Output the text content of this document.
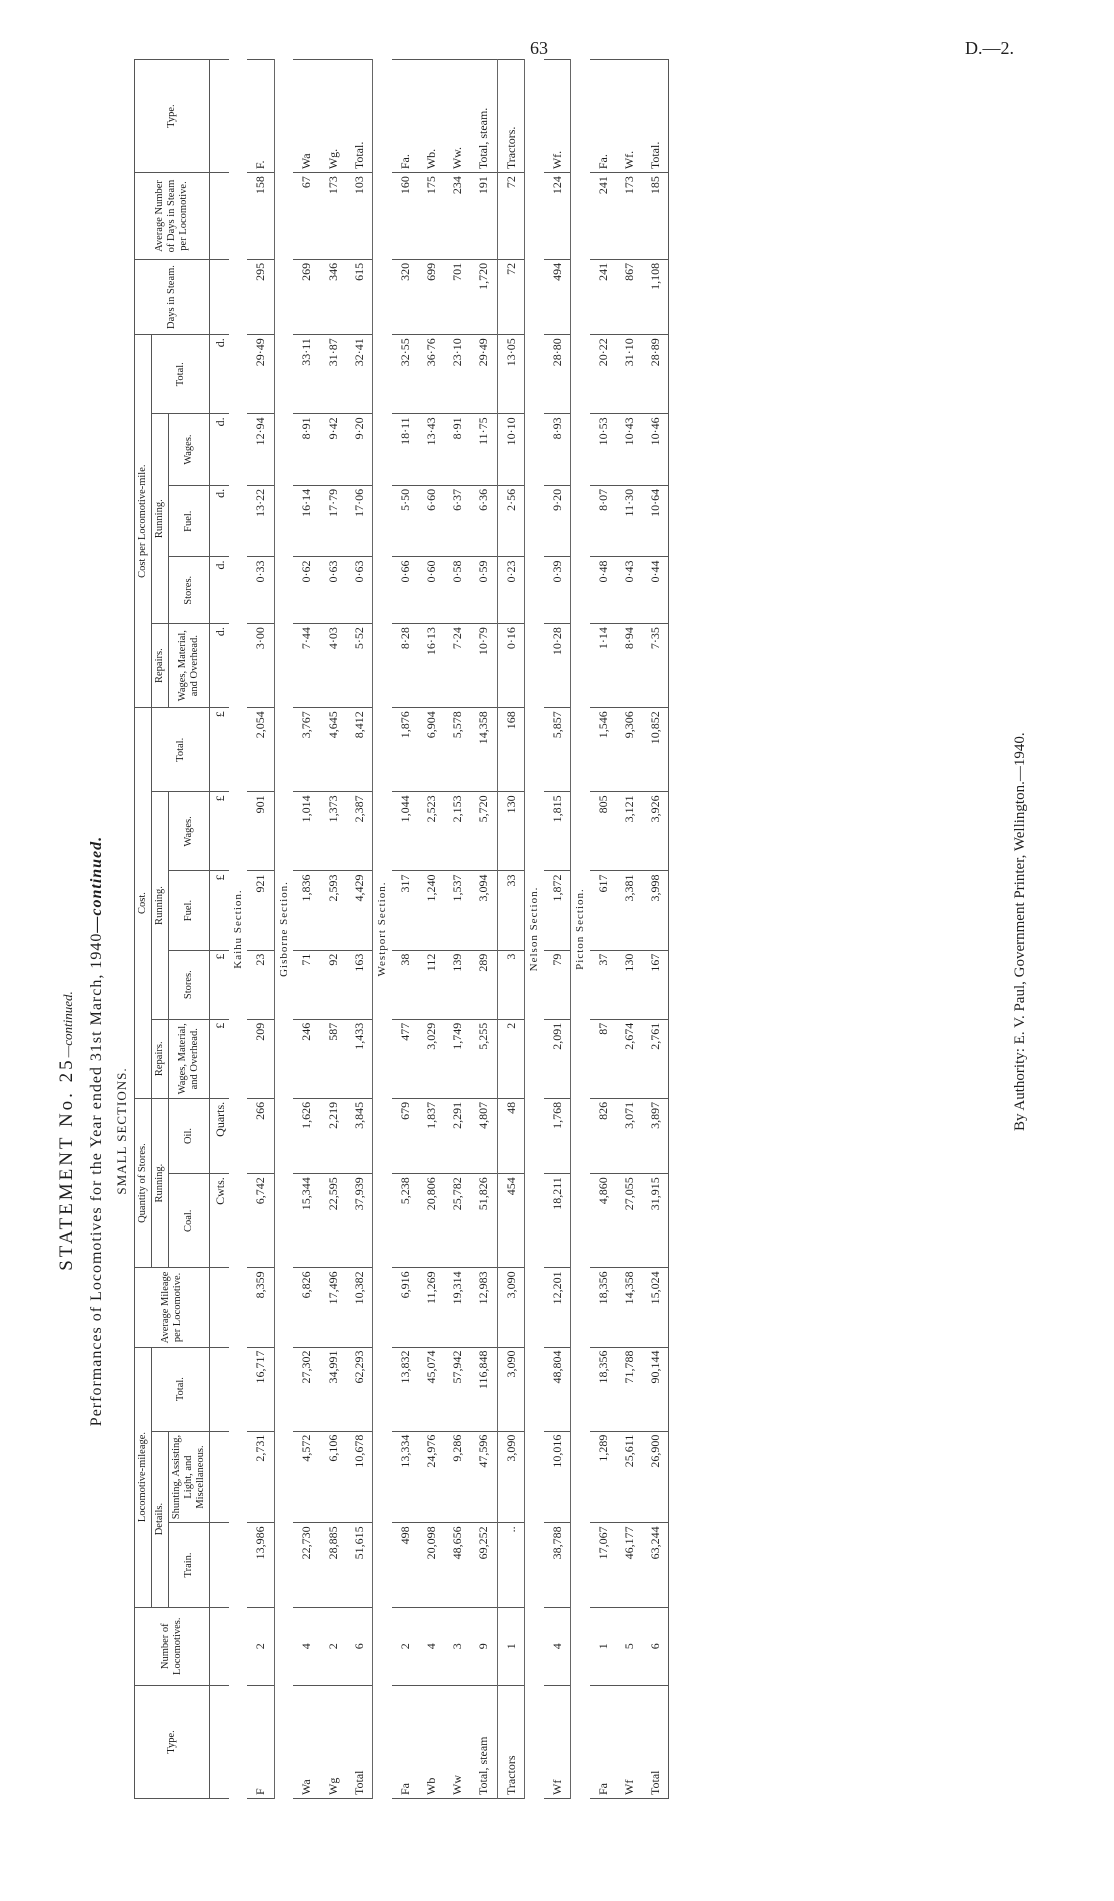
63	D.—2.
STATEMENT No. 25—continued. Performances of Locomotives for the Year ended 31st March, 1940—continued.
SMALL SECTIONS.
Type.	Number of Locomotives.	Locomotive-mileage.			Average Mileage per Locomotive.	Quantity of Stores.		Cost.					Cost per Locomotive-mile.					Days in Steam.	Average Number of Days in Steam per Locomotive.	Type.
		Details.		Total.		Running.		Repairs.	Running.			Total.	Repairs.	Running.			Total.			
		Train.	Shunting, Assisting, Light, and Miscellaneous.			Coal.	Oil.	Wages, Material, and Overhead.	Stores.	Fuel.	Wages.		Wages, Material, and Overhead.	Stores.	Fuel.	Wages.				

						Cwts.	Quarts.	£	£	£	£	£	d.	d.	d.	d.	d.			
Kaihu Section.																				
F	2	13,986	2,731	16,717	8,359	6,742	266	209	23	921	901	2,054	3·00	0·33	13·22	12·94	29·49	295	158	F.
Gisborne Section.																				
Wa	4	22,730	4,572	27,302	6,826	15,344	1,626	246	71	1,836	1,014	3,767	7·44	0·62	16·14	8·91	33·11	269	67	Wa
Wg	2	28,885	6,106	34,991	17,496	22,595	2,219	587	92	2,593	1,373	4,645	4·03	0·63	17·79	9·42	31·87	346	173	Wg.
Total	6	51,615	10,678	62,293	10,382	37,939	3,845	1,433	163	4,429	2,387	8,412	5·52	0·63	17·06	9·20	32·41	615	103	Total.
Westport Section.																				
Fa	2	498	13,334	13,832	6,916	5,238	679	477	38	317	1,044	1,876	8·28	0·66	5·50	18·11	32·55	320	160	Fa.
Wb	4	20,098	24,976	45,074	11,269	20,806	1,837	3,029	112	1,240	2,523	6,904	16·13	0·60	6·60	13·43	36·76	699	175	Wb.
Ww	3	48,656	9,286	57,942	19,314	25,782	2,291	1,749	139	1,537	2,153	5,578	7·24	0·58	6·37	8·91	23·10	701	234	Ww.
Total, steam	9	69,252	47,596	116,848	12,983	51,826	4,807	5,255	289	3,094	5,720	14,358	10·79	0·59	6·36	11·75	29·49	1,720	191	Total, steam.
Tractors	1	..	3,090	3,090	3,090	454	48	2	3	33	130	168	0·16	0·23	2·56	10·10	13·05	72	72	Tractors.
Nelson Section.																				
Wf	4	38,788	10,016	48,804	12,201	18,211	1,768	2,091	79	1,872	1,815	5,857	10·28	0·39	9·20	8·93	28·80	494	124	Wf.
Picton Section.																				
Fa	1	17,067	1,289	18,356	18,356	4,860	826	87	37	617	805	1,546	1·14	0·48	8·07	10·53	20·22	241	241	Fa.
Wf	5	46,177	25,611	71,788	14,358	27,055	3,071	2,674	130	3,381	3,121	9,306	8·94	0·43	11·30	10·43	31·10	867	173	Wf.
Total	6	63,244	26,900	90,144	15,024	31,915	3,897	2,761	167	3,998	3,926	10,852	7·35	0·44	10·64	10·46	28·89	1,108	185	Total.
By Authority: E. V. Paul, Government Printer, Wellington.—1940.
